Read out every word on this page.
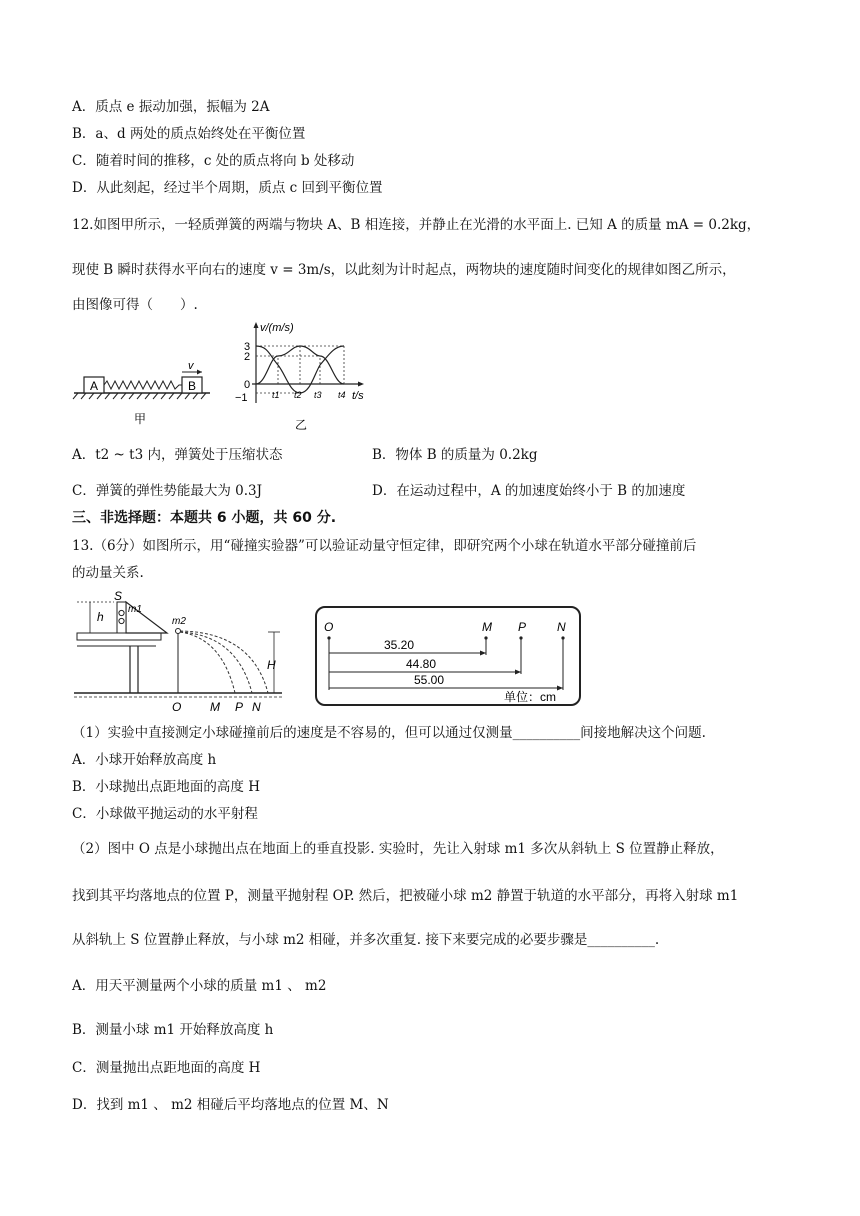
A．质点 e 振动加强，振幅为 2A
B．a、d 两处的质点始终处在平衡位置
C．随着时间的推移，c 处的质点将向 b 处移动
D．从此刻起，经过半个周期，质点 c 回到平衡位置
12.如图甲所示，一轻质弹簧的两端与物块 A、B 相连接，并静止在光滑的水平面上. 已知 A 的质量 mA = 0.2kg，
现使 B 瞬时获得水平向右的速度 v = 3m/s，以此刻为计时起点，两物块的速度随时间变化的规律如图乙所示，
由图像可得（　　）.
A	B
v
甲
v/(m/s)
t/s
3
2
0
−1	t1 t2 t3 t4
乙
A．t2 ~ t3 内，弹簧处于压缩状态	B．物体 B 的质量为 0.2kg
C．弹簧的弹性势能最大为 0.3J	D．在运动过程中，A 的加速度始终小于 B 的加速度
三、非选择题：本题共 6 小题，共 60 分.
13.（6分）如图所示，用“碰撞实验器”可以验证动量守恒定律，即研究两个小球在轨道水平部分碰撞前后
的动量关系.
h
S
m1
m2
H
O M P N
O	M P	N
35.20
44.80
55.00
单位：cm
（1）实验中直接测定小球碰撞前后的速度是不容易的，但可以通过仅测量__________间接地解决这个问题.
A．小球开始释放高度 h
B．小球抛出点距地面的高度 H
C．小球做平抛运动的水平射程
（2）图中 O 点是小球抛出点在地面上的垂直投影. 实验时，先让入射球 m1 多次从斜轨上 S 位置静止释放，
找到其平均落地点的位置 P，测量平抛射程 OP. 然后，把被碰小球 m2 静置于轨道的水平部分，再将入射球 m1
从斜轨上 S 位置静止释放，与小球 m2 相碰，并多次重复. 接下来要完成的必要步骤是__________.
A．用天平测量两个小球的质量 m1 、 m2
B．测量小球 m1 开始释放高度 h
C．测量抛出点距地面的高度 H
D．找到 m1 、 m2 相碰后平均落地点的位置 M、N
